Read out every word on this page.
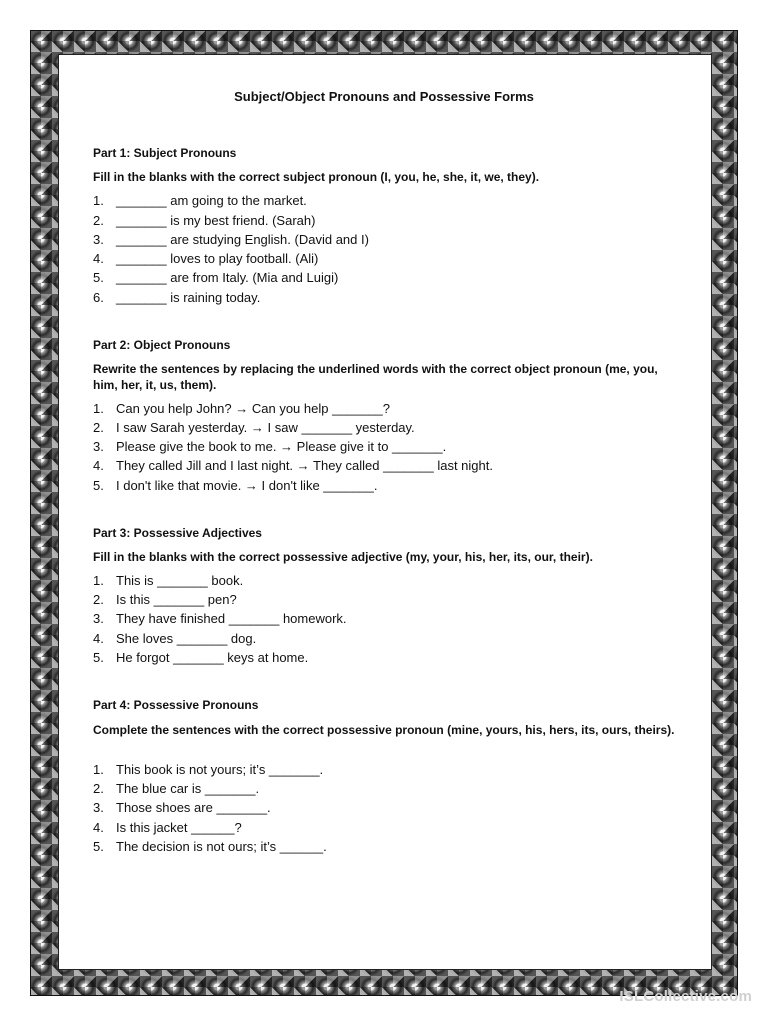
Subject/Object Pronouns and Possessive Forms
Part 1: Subject Pronouns
Fill in the blanks with the correct subject pronoun (I, you, he, she, it, we, they).
1. _______ am going to the market.
2. _______ is my best friend. (Sarah)
3. _______ are studying English. (David and I)
4. _______ loves to play football. (Ali)
5. _______ are from Italy. (Mia and Luigi)
6. _______ is raining today.
Part 2: Object Pronouns
Rewrite the sentences by replacing the underlined words with the correct object pronoun (me, you, him, her, it, us, them).
1. Can you help John? → Can you help _______?
2. I saw Sarah yesterday. → I saw _______ yesterday.
3. Please give the book to me. → Please give it to _______.
4. They called Jill and I last night. → They called _______ last night.
5. I don't like that movie. → I don't like _______.
Part 3: Possessive Adjectives
Fill in the blanks with the correct possessive adjective (my, your, his, her, its, our, their).
1. This is _______ book.
2. Is this _______ pen?
3. They have finished _______ homework.
4. She loves _______ dog.
5. He forgot _______ keys at home.
Part 4: Possessive Pronouns
Complete the sentences with the correct possessive pronoun (mine, yours, his, hers, its, ours, theirs).
1. This book is not yours; it’s _______.
2. The blue car is _______.
3. Those shoes are _______.
4. Is this jacket ______?
5. The decision is not ours; it’s ______.
ISLCollective.com
